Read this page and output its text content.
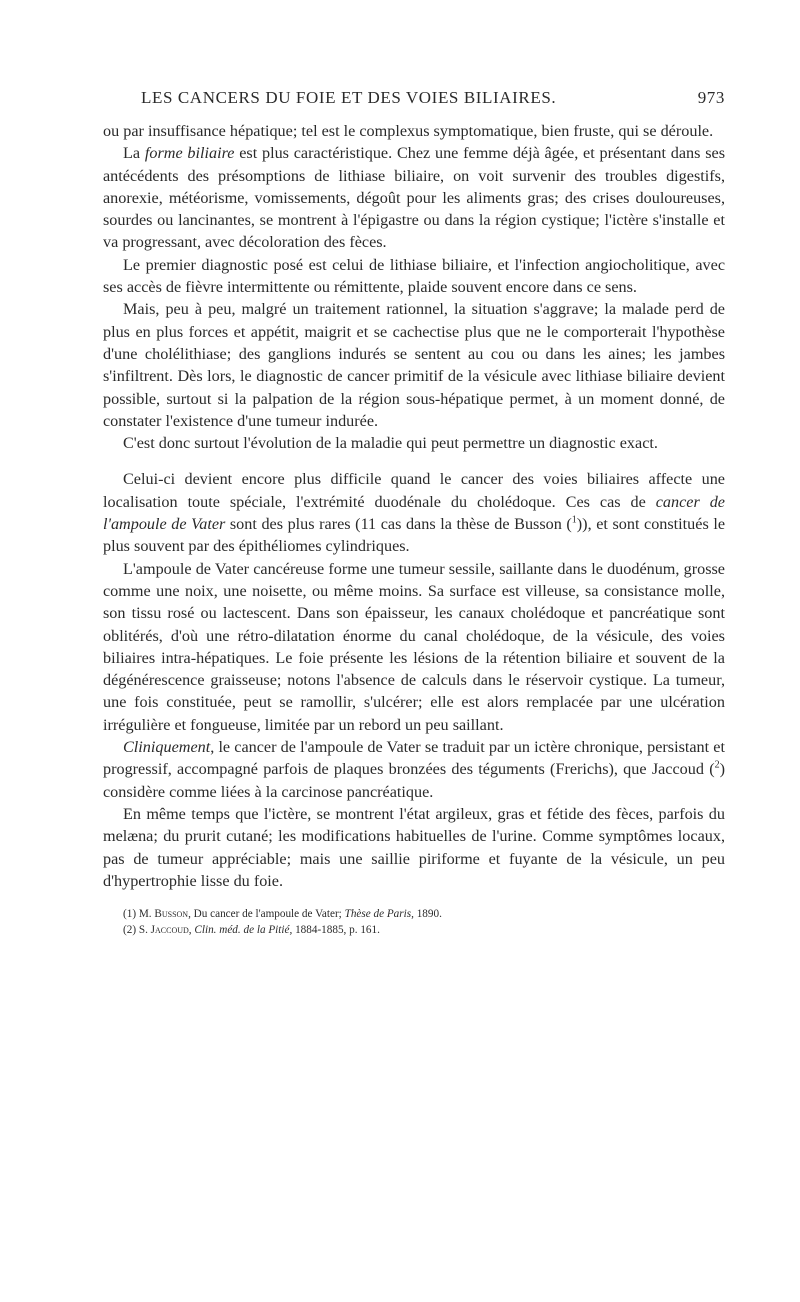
LES CANCERS DU FOIE ET DES VOIES BILIAIRES.	973

ou par insuffisance hépatique; tel est le complexus symptomatique, bien fruste, qui se déroule.

La forme biliaire est plus caractéristique. Chez une femme déjà âgée, et présentant dans ses antécédents des présomptions de lithiase biliaire, on voit survenir des troubles digestifs, anorexie, météorisme, vomissements, dégoût pour les aliments gras; des crises douloureuses, sourdes ou lancinantes, se montrent à l'épigastre ou dans la région cystique; l'ictère s'installe et va progressant, avec décoloration des fèces.

Le premier diagnostic posé est celui de lithiase biliaire, et l'infection angiocholitique, avec ses accès de fièvre intermittente ou rémittente, plaide souvent encore dans ce sens.

Mais, peu à peu, malgré un traitement rationnel, la situation s'aggrave; la malade perd de plus en plus forces et appétit, maigrit et se cachectise plus que ne le comporterait l'hypothèse d'une cholélithiase; des ganglions indurés se sentent au cou ou dans les aines; les jambes s'infiltrent. Dès lors, le diagnostic de cancer primitif de la vésicule avec lithiase biliaire devient possible, surtout si la palpation de la région sous-hépatique permet, à un moment donné, de constater l'existence d'une tumeur indurée.

C'est donc surtout l'évolution de la maladie qui peut permettre un diagnostic exact.

Celui-ci devient encore plus difficile quand le cancer des voies biliaires affecte une localisation toute spéciale, l'extrémité duodénale du cholédoque. Ces cas de cancer de l'ampoule de Vater sont des plus rares (11 cas dans la thèse de Busson ($^1$)), et sont constitués le plus souvent par des épithéliomes cylindriques.

L'ampoule de Vater cancéreuse forme une tumeur sessile, saillante dans le duodénum, grosse comme une noix, une noisette, ou même moins. Sa surface est villeuse, sa consistance molle, son tissu rosé ou lactescent. Dans son épaisseur, les canaux cholédoque et pancréatique sont oblitérés, d'où une rétro-dilatation énorme du canal cholédoque, de la vésicule, des voies biliaires intra-hépatiques. Le foie présente les lésions de la rétention biliaire et souvent de la dégénérescence graisseuse; notons l'absence de calculs dans le réservoir cystique. La tumeur, une fois constituée, peut se ramollir, s'ulcérer; elle est alors remplacée par une ulcération irrégulière et fongueuse, limitée par un rebord un peu saillant.

Cliniquement, le cancer de l'ampoule de Vater se traduit par un ictère chronique, persistant et progressif, accompagné parfois de plaques bronzées des téguments (Frerichs), que Jaccoud ($^2$) considère comme liées à la carcinose pancréatique.

En même temps que l'ictère, se montrent l'état argileux, gras et fétide des fèces, parfois du melæna; du prurit cutané; les modifications habituelles de l'urine. Comme symptômes locaux, pas de tumeur appréciable; mais une saillie piriforme et fuyante de la vésicule, un peu d'hypertrophie lisse du foie.

(1) M. Busson, Du cancer de l'ampoule de Vater; Thèse de Paris, 1890.

(2) S. Jaccoud, Clin. méd. de la Pitié, 1884-1885, p. 161.
